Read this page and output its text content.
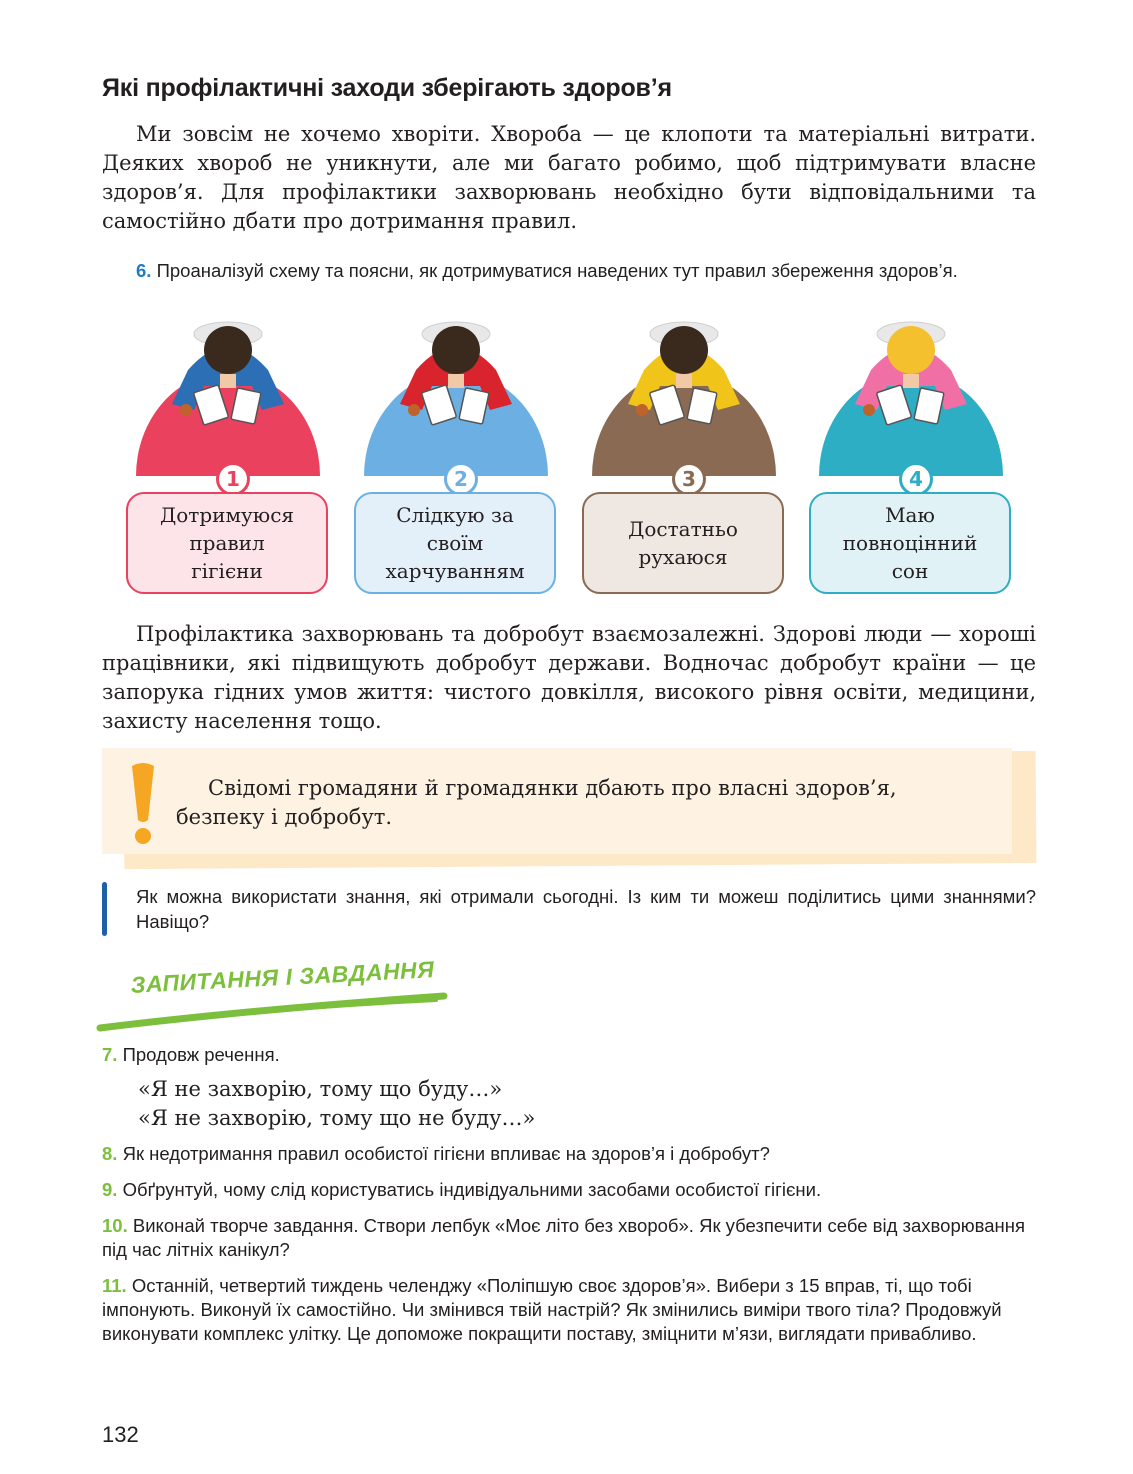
Які профілактичні заходи зберігають здоров’я

Ми зовсім не хочемо хворіти. Хвороба — це клопоти та матеріальні витрати. Деяких хвороб не уникнути, але ми багато робимо, щоб підтримувати власне здоров’я. Для профілактики захворювань необхідно бути відповідальними та самостійно дбати про дотримання правил.

6. Проаналізуй схему та поясни, як дотримуватися наведених тут правил збереження здоров’я.
1
Дотримуюся
правил
гігієни
2
Слідкую за
своїм
харчуванням
3
Достатньо
рухаюся
4
Маю
повноцінний
сон

Профілактика захворювань та добробут взаємозалежні. Здорові люди — хороші працівники, які підвищують добробут держави. Водночас добробут країни — це запорука гідних умов життя: чистого довкілля, високого рівня освіти, медицини, захисту населення тощо.

Свідомі громадяни й громадянки дбають про власні здоров’я,
безпеку і добробут.
Як можна використати знання, які отримали сьогодні. Із ким ти можеш поділитись цими знаннями? Навіщо?
ЗАПИТАННЯ І ЗАВДАННЯ
7. Продовж речення.
«Я не захворію, тому що буду…»
«Я не захворію, тому що не буду…»
8. Як недотримання правил особистої гігієни впливає на здоров’я і добробут?
9. Обґрунтуй, чому слід користуватись індивідуальними засобами особистої гігієни.
10. Виконай творче завдання. Створи лепбук «Моє літо без хвороб». Як убезпечити себе від захворювання під час літніх канікул?
11. Останній, четвертий тиждень челенджу «Поліпшую своє здоров’я». Вибери з 15 вправ, ті, що тобі імпонують. Виконуй їх самостійно. Чи змінився твій настрій? Як змінились виміри твого тіла? Продовжуй виконувати комплекс улітку. Це допоможе покращити поставу, зміцнити м’язи, виглядати привабливо.
132
